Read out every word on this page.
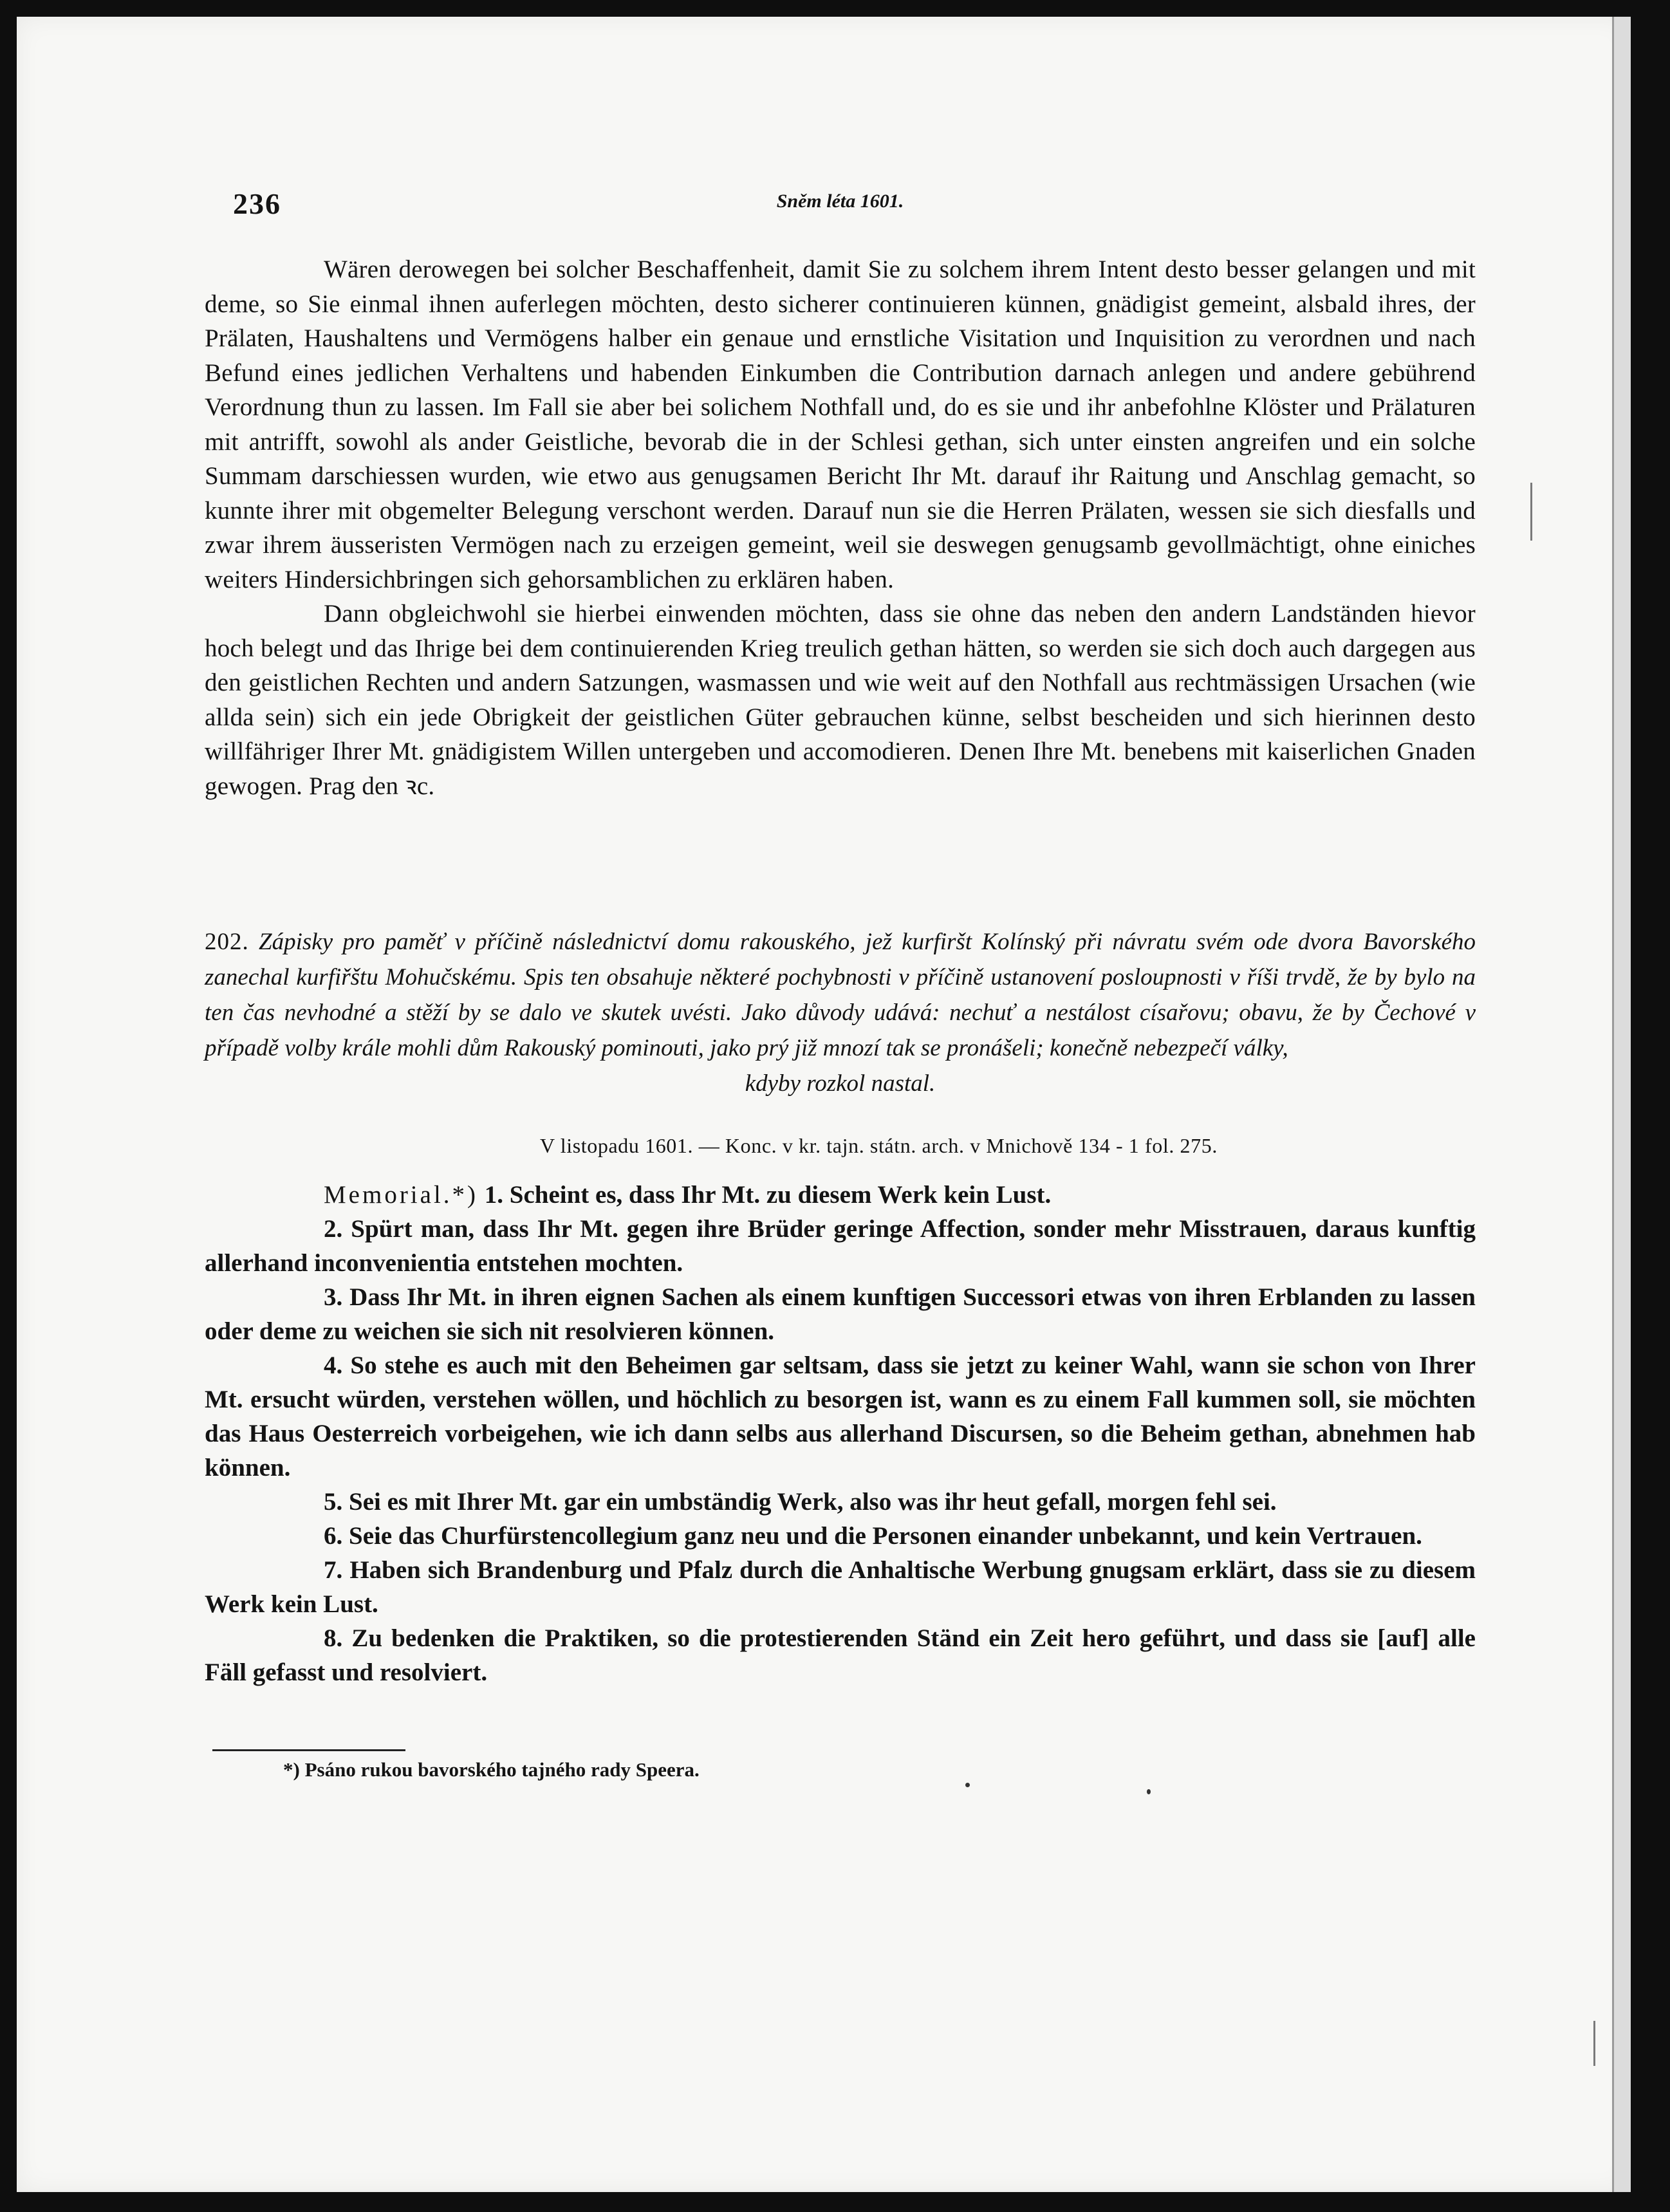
236	Sněm léta 1601.

Wären derowegen bei solcher Beschaffenheit, damit Sie zu solchem ihrem Intent desto besser gelangen und mit deme, so Sie einmal ihnen auferlegen möchten, desto sicherer continuieren künnen, gnädigist gemeint, alsbald ihres, der Prälaten, Haushaltens und Vermögens halber ein genaue und ernstliche Visitation und Inquisition zu verordnen und nach Befund eines jedlichen Verhaltens und habenden Einkumben die Contribution darnach anlegen und andere gebührend Verordnung thun zu lassen. Im Fall sie aber bei solichem Nothfall und, do es sie und ihr anbefohlne Klöster und Prälaturen mit antrifft, sowohl als ander Geistliche, bevorab die in der Schlesi gethan, sich unter einsten angreifen und ein solche Summam darschiessen wurden, wie etwo aus genugsamen Bericht Ihr Mt. darauf ihr Raitung und Anschlag gemacht, so kunnte ihrer mit obgemelter Belegung verschont werden. Darauf nun sie die Herren Prälaten, wessen sie sich diesfalls und zwar ihrem äusseristen Vermögen nach zu erzeigen gemeint, weil sie deswegen genugsamb gevollmächtigt, ohne einiches weiters Hindersichbringen sich gehorsamblichen zu erklären haben.

Dann obgleichwohl sie hierbei einwenden möchten, dass sie ohne das neben den andern Landständen hievor hoch belegt und das Ihrige bei dem continuierenden Krieg treulich gethan hätten, so werden sie sich doch auch dargegen aus den geistlichen Rechten und andern Satzungen, wasmassen und wie weit auf den Nothfall aus rechtmässigen Ursachen (wie allda sein) sich ein jede Obrigkeit der geistlichen Güter gebrauchen künne, selbst bescheiden und sich hierinnen desto willfähriger Ihrer Mt. gnädigistem Willen untergeben und accomodieren. Denen Ihre Mt. benebens mit kaiserlichen Gnaden gewogen. Prag den ꝛc.

202. Zápisky pro paměť v příčině následnictví domu rakouského, jež kurfiršt Kolínský při návratu svém ode dvora Bavorského zanechal kurfiřštu Mohučskému. Spis ten obsahuje některé pochybnosti v příčině ustanovení posloupnosti v říši trvdě, že by bylo na ten čas nevhodné a stěží by se dalo ve skutek uvésti. Jako důvody udává: nechuť a nestálost císařovu; obavu, že by Čechové v případě volby krále mohli dům Rakouský pominouti, jako prý již mnozí tak se pronášeli; konečně nebezpečí války,

kdyby rozkol nastal.

V listopadu 1601. — Konc. v kr. tajn. státn. arch. v Mnichově 134 - 1 fol. 275.

Memorial.*) 1. Scheint es, dass Ihr Mt. zu diesem Werk kein Lust.

2. Spürt man, dass Ihr Mt. gegen ihre Brüder geringe Affection, sonder mehr Misstrauen, daraus kunftig allerhand inconvenientia entstehen mochten.

3. Dass Ihr Mt. in ihren eignen Sachen als einem kunftigen Successori etwas von ihren Erblanden zu lassen oder deme zu weichen sie sich nit resolvieren können.

4. So stehe es auch mit den Beheimen gar seltsam, dass sie jetzt zu keiner Wahl, wann sie schon von Ihrer Mt. ersucht würden, verstehen wöllen, und höchlich zu besorgen ist, wann es zu einem Fall kummen soll, sie möchten das Haus Oesterreich vorbeigehen, wie ich dann selbs aus allerhand Discursen, so die Beheim gethan, abnehmen hab können.

5. Sei es mit Ihrer Mt. gar ein umbständig Werk, also was ihr heut gefall, morgen fehl sei.

6. Seie das Churfürstencollegium ganz neu und die Personen einander unbekannt, und kein Vertrauen.

7. Haben sich Brandenburg und Pfalz durch die Anhaltische Werbung gnugsam erklärt, dass sie zu diesem Werk kein Lust.

8. Zu bedenken die Praktiken, so die protestierenden Ständ ein Zeit hero geführt, und dass sie [auf] alle Fäll gefasst und resolviert.

*) Psáno rukou bavorského tajného rady Speera.
